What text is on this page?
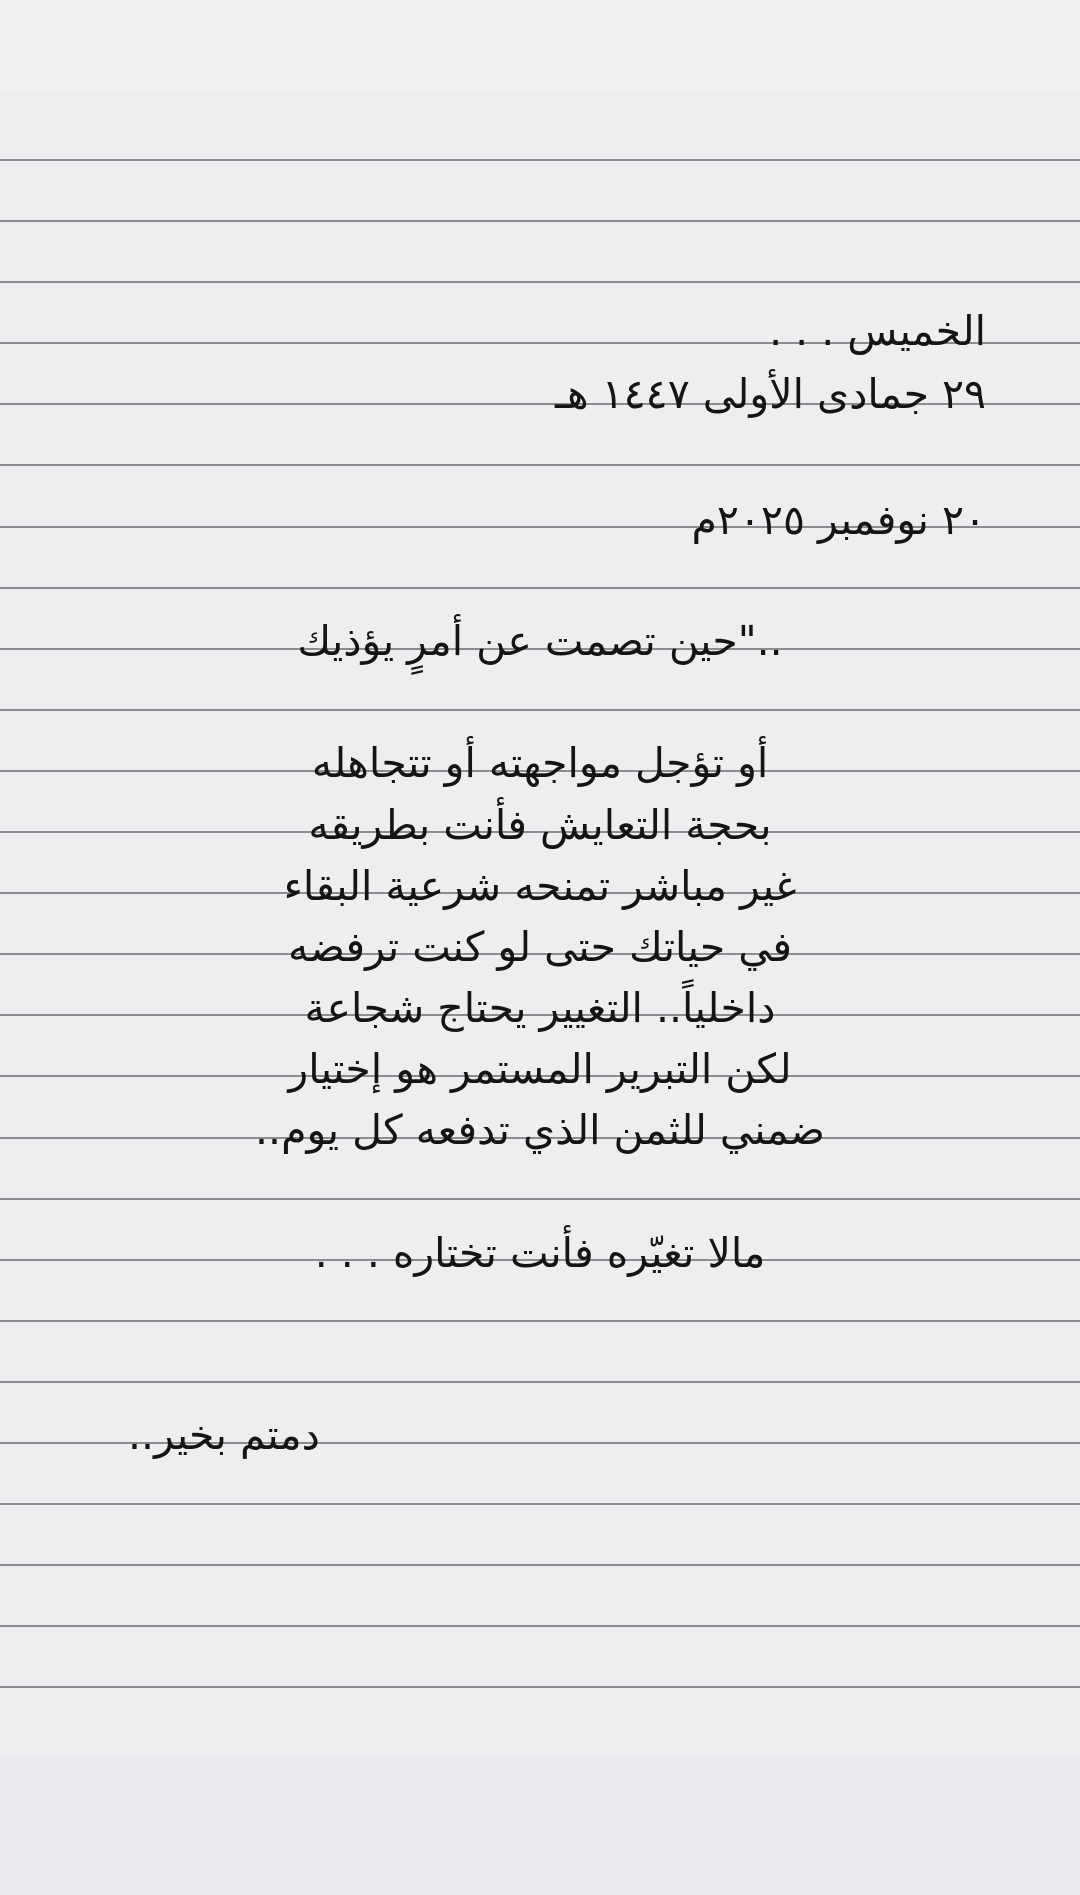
الخميس . . .
٢٩ جمادى الأولى ١٤٤٧ هـ
٢٠ نوفمبر ٢٠٢٥م
.."حين تصمت عن أمرٍ يؤذيك
أو تؤجل مواجهته أو تتجاهله
بحجة التعايش فأنت بطريقه
غير مباشر تمنحه شرعية البقاء
في حياتك حتى لو كنت ترفضه
داخلياً.. التغيير يحتاج شجاعة
لكن التبرير المستمر هو إختيار
ضمني للثمن الذي تدفعه كل يوم..
مالا تغيّره فأنت تختاره . . .
دمتم بخير..
